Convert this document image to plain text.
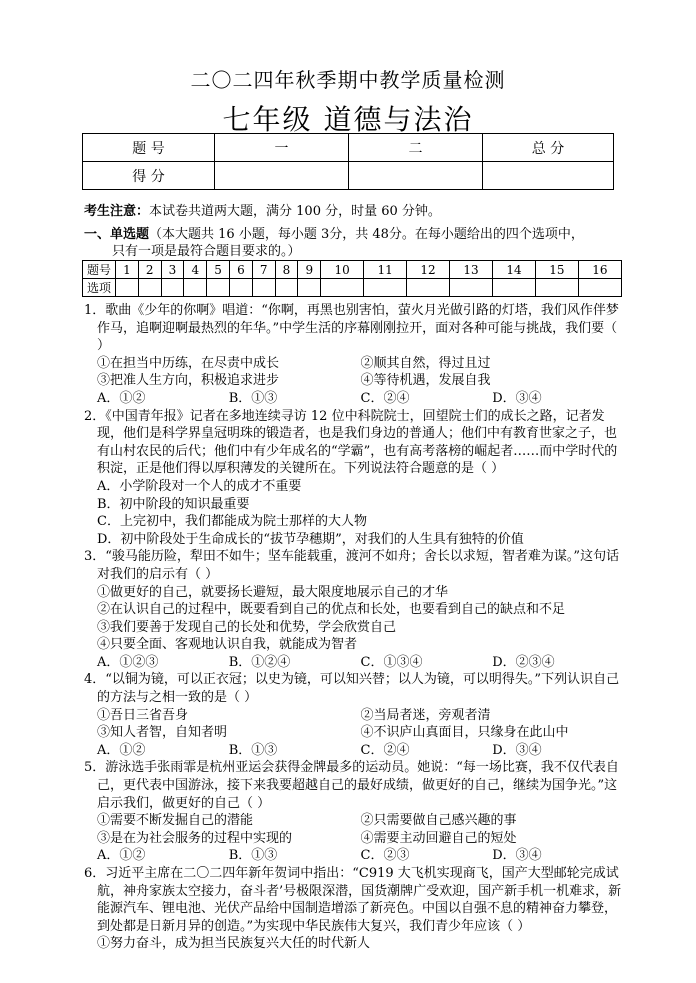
二〇二四年秋季期中教学质量检测
七年级 道德与法治
题 号	一	二	总 分
得 分			
考生注意：本试卷共道两大题，满分 100 分，时量 60 分钟。
一、单选题（本大题共 16 小题，每小题 3分，共 48分。在每小题给出的四个选项中，
只有一项是最符合题目要求的。）
题号	1	2	3	4	5	6	7	8	9	10	11	12	13	14	15	16
选项																
1．歌曲《少年的你啊》唱道：“你啊，再黑也别害怕，萤火月光做引路的灯塔，我们风作伴梦作马，追啊迎啊最热烈的年华。”中学生活的序幕刚刚拉开，面对各种可能与挑战，我们要（ ）
①在担当中历练，在尽责中成长	②顺其自然，得过且过
③把准人生方向，积极追求进步	④等待机遇，发展自我
A．①②	B．①③	C．②④	D．③④
2．《中国青年报》记者在多地连续寻访 12 位中科院院士，回望院士们的成长之路，记者发现，他们是科学界皇冠明珠的锻造者，也是我们身边的普通人；他们中有教育世家之子，也有山村农民的后代；他们中有少年成名的“学霸”，也有高考落榜的崛起者……而中学时代的积淀，正是他们得以厚积薄发的关键所在。下列说法符合题意的是（ ）
A．小学阶段对一个人的成才不重要
B．初中阶段的知识最重要
C．上完初中，我们都能成为院士那样的大人物
D．初中阶段处于生命成长的“拔节孕穗期”，对我们的人生具有独特的价值
3．“骏马能历险，犁田不如牛；坚车能载重，渡河不如舟；舍长以求短，智者难为谋。”这句话对我们的启示有（ ）
①做更好的自己，就要扬长避短，最大限度地展示自己的才华
②在认识自己的过程中，既要看到自己的优点和长处，也要看到自己的缺点和不足
③我们要善于发现自己的长处和优势，学会欣赏自己
④只要全面、客观地认识自我，就能成为智者
A．①②③	B．①②④	C．①③④	D．②③④
4．“以铜为镜，可以正衣冠；以史为镜，可以知兴替；以人为镜，可以明得失。”下列认识自己的方法与之相一致的是（ ）
①吾日三省吾身	②当局者迷，旁观者清
③知人者智，自知者明	④不识庐山真面目，只缘身在此山中
A．①②	B．①③	C．②④	D．③④
5．游泳选手张雨霏是杭州亚运会获得金牌最多的运动员。她说：“每一场比赛，我不仅代表自己，更代表中国游泳，接下来我要超越自己的最好成绩，做更好的自己，继续为国争光。”这启示我们，做更好的自己（ ）
①需要不断发掘自己的潜能	②只需要做自己感兴趣的事
③是在为社会服务的过程中实现的	④需要主动回避自己的短处
A．①②	B．①③	C．②③	D．③④
6．习近平主席在二〇二四年新年贺词中指出：“C919 大飞机实现商飞，国产大型邮轮完成试航，神舟家族太空接力，奋斗者’号极限深潜，国货潮牌广受欢迎，国产新手机一机难求，新能源汽车、锂电池、光伏产品给中国制造增添了新亮色。中国以自强不息的精神奋力攀登，到处都是日新月异的创造。”为实现中华民族伟大复兴，我们青少年应该（ ）
①努力奋斗，成为担当民族复兴大任的时代新人
